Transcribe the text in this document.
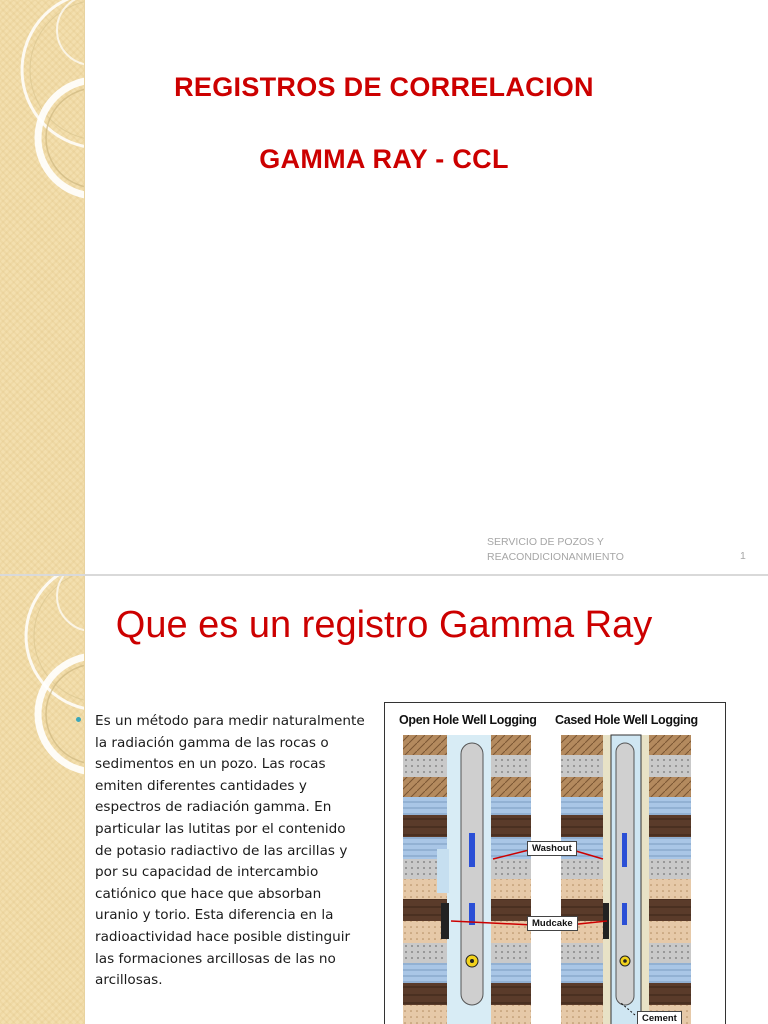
REGISTROS DE CORRELACION
GAMMA RAY - CCL
SERVICIO DE POZOS Y
REACONDICIONANMIENTO	1
Que es un registro Gamma Ray
Es un método para medir naturalmente
la radiación gamma de las rocas o
sedimentos en un pozo. Las rocas
emiten diferentes cantidades y
espectros de radiación gamma. En
particular las lutitas por el contenido
de potasio radiactivo de las arcillas y
por su capacidad de intercambio
catiónico que hace que absorban
uranio y torio. Esta diferencia en la
radioactividad hace posible distinguir
las formaciones arcillosas de las no
arcillosas.
Open Hole Well Logging Cased Hole Well Logging
Washout
Mudcake
Cement
